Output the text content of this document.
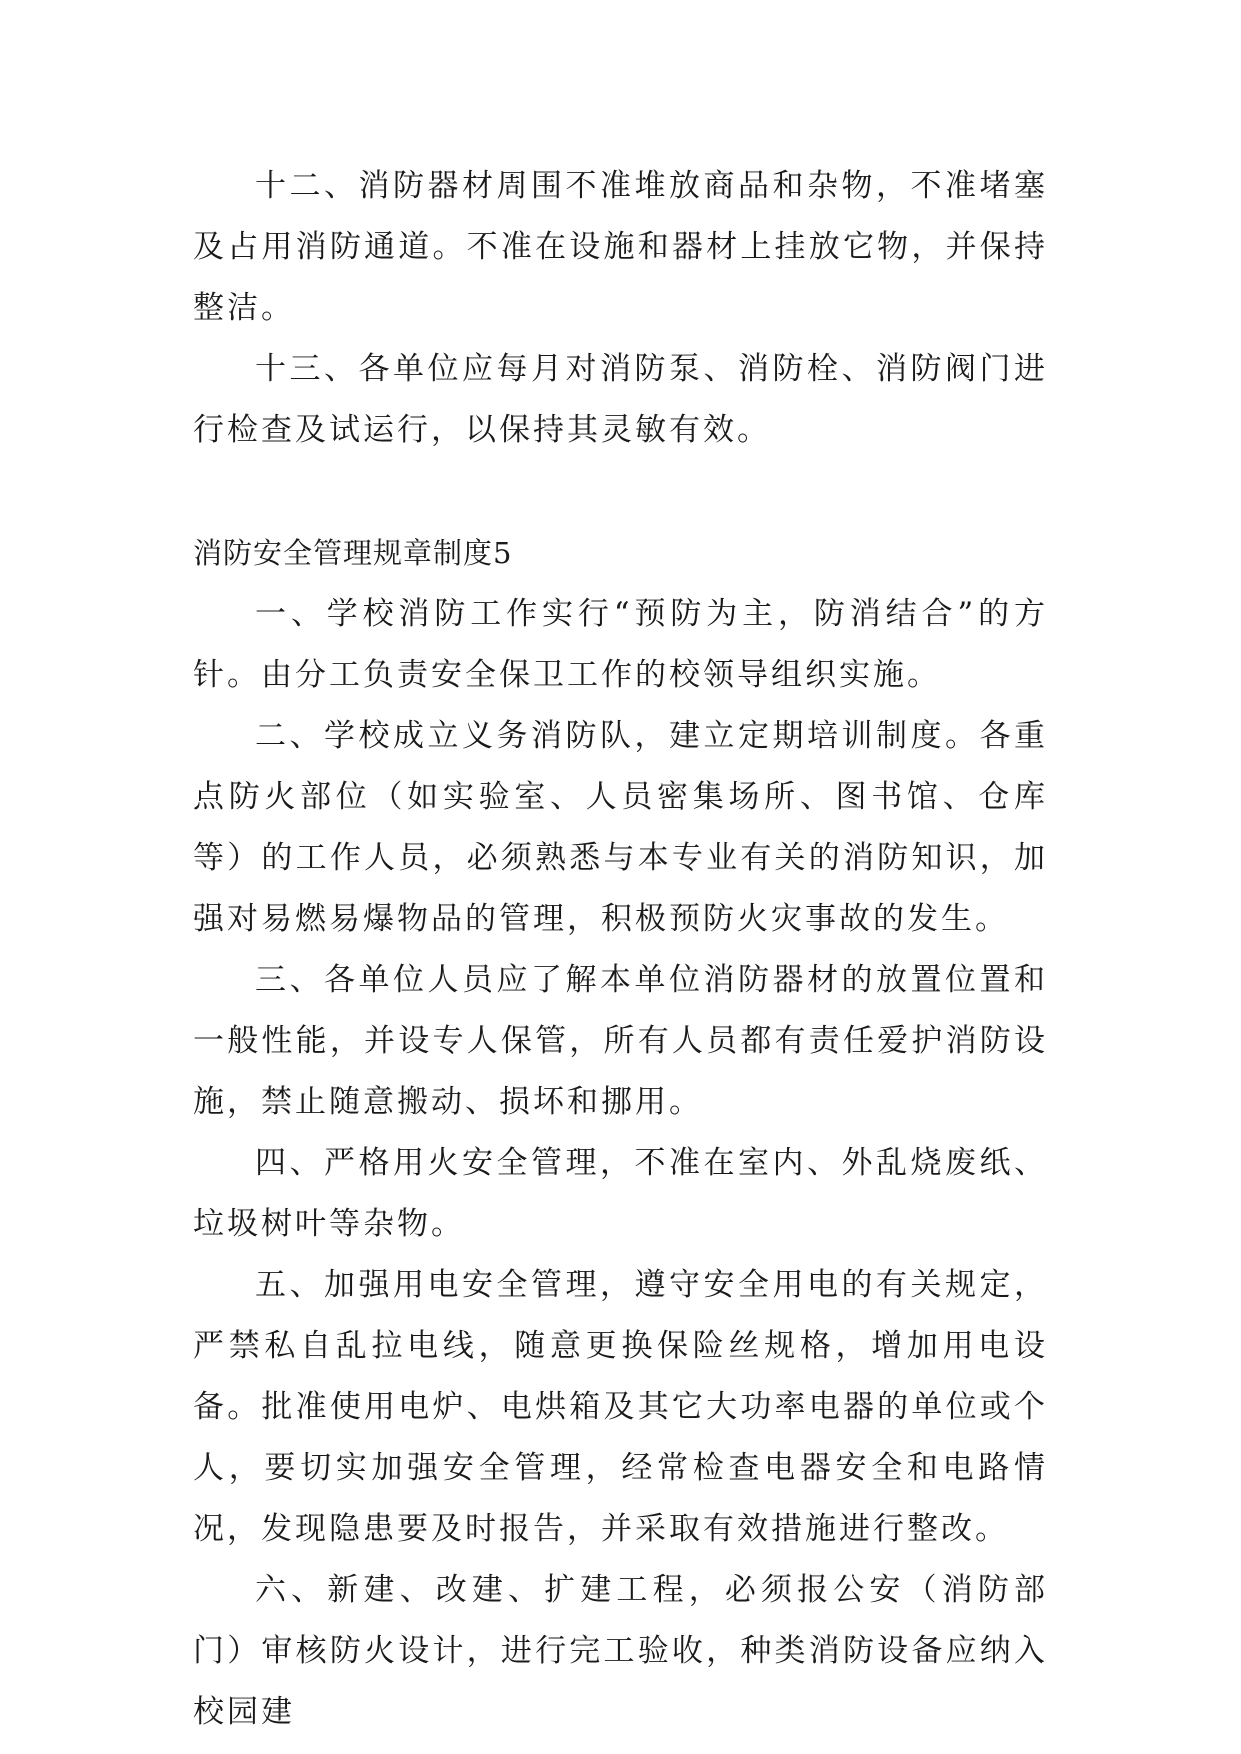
十二、消防器材周围不准堆放商品和杂物，不准堵塞及占用消防通道。不准在设施和器材上挂放它物，并保持整洁。

十三、各单位应每月对消防泵、消防栓、消防阀门进行检查及试运行，以保持其灵敏有效。

消防安全管理规章制度5

一、学校消防工作实行“预防为主，防消结合”的方针。由分工负责安全保卫工作的校领导组织实施。

二、学校成立义务消防队，建立定期培训制度。各重点防火部位（如实验室、人员密集场所、图书馆、仓库等）的工作人员，必须熟悉与本专业有关的消防知识，加强对易燃易爆物品的管理，积极预防火灾事故的发生。

三、各单位人员应了解本单位消防器材的放置位置和一般性能，并设专人保管，所有人员都有责任爱护消防设施，禁止随意搬动、损坏和挪用。

四、严格用火安全管理，不准在室内、外乱烧废纸、垃圾树叶等杂物。

五、加强用电安全管理，遵守安全用电的有关规定，严禁私自乱拉电线，随意更换保险丝规格，增加用电设备。批准使用电炉、电烘箱及其它大功率电器的单位或个人，要切实加强安全管理，经常检查电器安全和电路情况，发现隐患要及时报告，并采取有效措施进行整改。

六、新建、改建、扩建工程，必须报公安（消防部门）审核防火设计，进行完工验收，种类消防设备应纳入校园建
